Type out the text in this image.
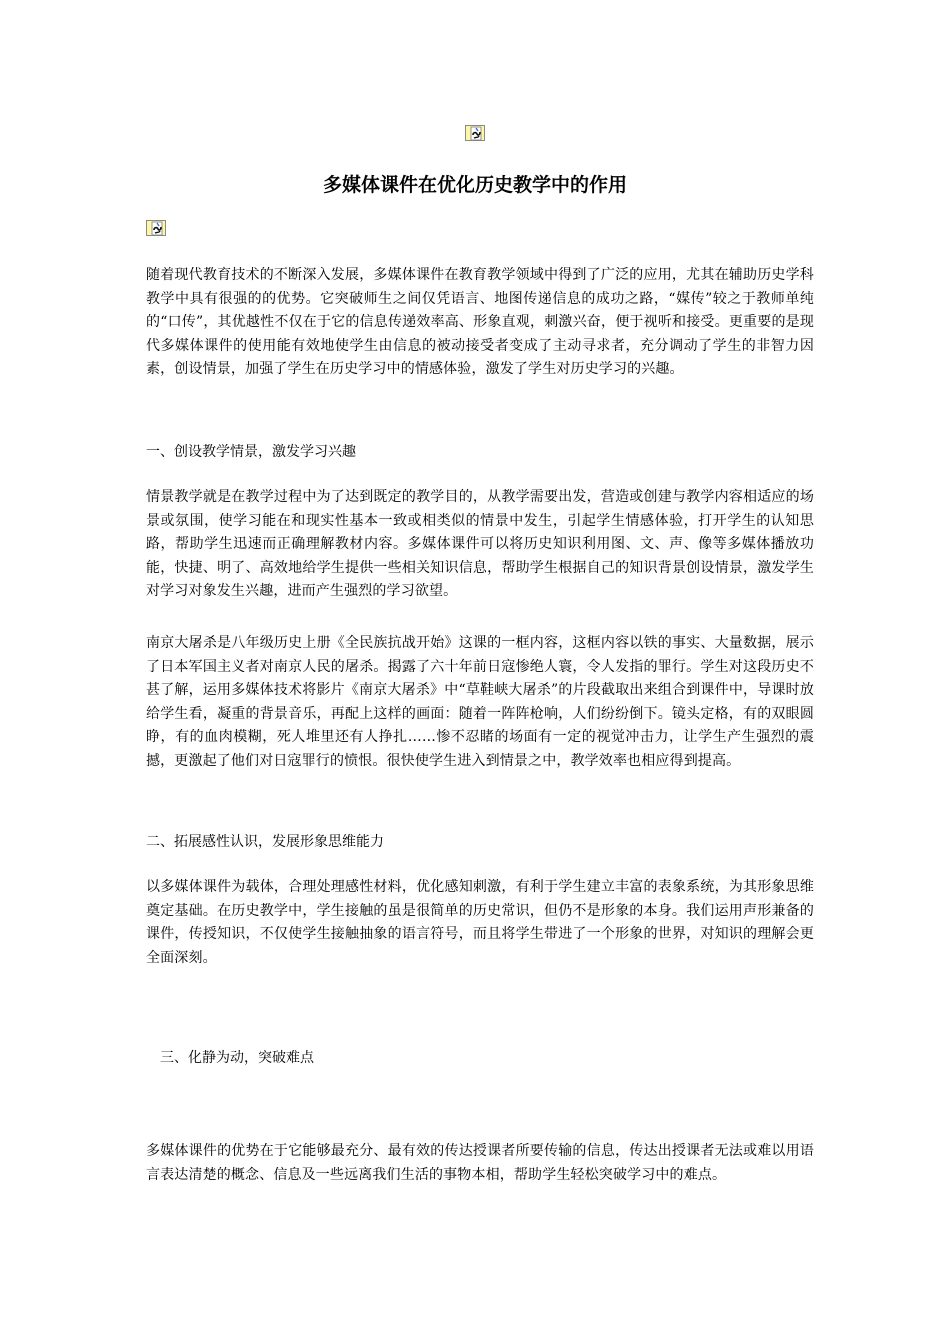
多媒体课件在优化历史教学中的作用

随着现代教育技术的不断深入发展，多媒体课件在教育教学领域中得到了广泛的应用，尤其在辅助历史学科教学中具有很强的的优势。它突破师生之间仅凭语言、地图传递信息的成功之路，“媒传”较之于教师单纯的“口传”，其优越性不仅在于它的信息传递效率高、形象直观，刺激兴奋，便于视听和接受。更重要的是现代多媒体课件的使用能有效地使学生由信息的被动接受者变成了主动寻求者，充分调动了学生的非智力因素，创设情景，加强了学生在历史学习中的情感体验，激发了学生对历史学习的兴趣。

一、创设教学情景，激发学习兴趣

情景教学就是在教学过程中为了达到既定的教学目的，从教学需要出发，营造或创建与教学内容相适应的场景或氛围，使学习能在和现实性基本一致或相类似的情景中发生，引起学生情感体验，打开学生的认知思路，帮助学生迅速而正确理解教材内容。多媒体课件可以将历史知识利用图、文、声、像等多媒体播放功能，快捷、明了、高效地给学生提供一些相关知识信息，帮助学生根据自己的知识背景创设情景，激发学生对学习对象发生兴趣，进而产生强烈的学习欲望。

南京大屠杀是八年级历史上册《全民族抗战开始》这课的一框内容，这框内容以铁的事实、大量数据，展示了日本军国主义者对南京人民的屠杀。揭露了六十年前日寇惨绝人寰，令人发指的罪行。学生对这段历史不甚了解，运用多媒体技术将影片《南京大屠杀》中“草鞋峡大屠杀”的片段截取出来组合到课件中，导课时放给学生看，凝重的背景音乐，再配上这样的画面：随着一阵阵枪响，人们纷纷倒下。镜头定格，有的双眼圆睁，有的血肉模糊，死人堆里还有人挣扎……惨不忍睹的场面有一定的视觉冲击力，让学生产生强烈的震撼，更激起了他们对日寇罪行的愤恨。很快使学生进入到情景之中，教学效率也相应得到提高。

二、拓展感性认识，发展形象思维能力

以多媒体课件为载体，合理处理感性材料，优化感知刺激，有利于学生建立丰富的表象系统，为其形象思维奠定基础。在历史教学中，学生接触的虽是很简单的历史常识，但仍不是形象的本身。我们运用声形兼备的课件，传授知识，不仅使学生接触抽象的语言符号，而且将学生带进了一个形象的世界，对知识的理解会更全面深刻。

三、化静为动，突破难点

多媒体课件的优势在于它能够最充分、最有效的传达授课者所要传输的信息，传达出授课者无法或难以用语言表达清楚的概念、信息及一些远离我们生活的事物本相，帮助学生轻松突破学习中的难点。
